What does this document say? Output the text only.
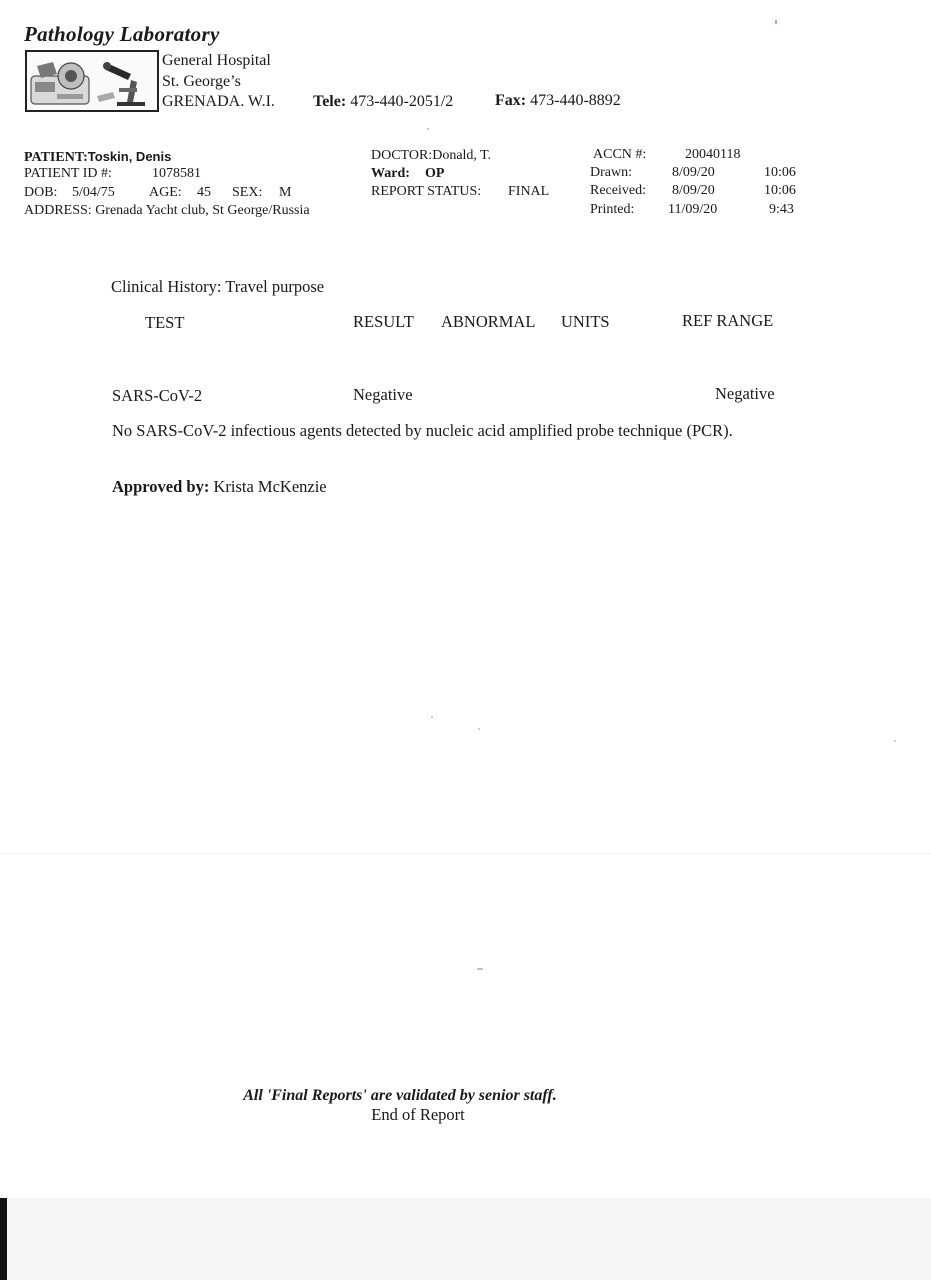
Pathology Laboratory
General Hospital
St. George’s
GRENADA. W.I. Tele: 473-440-2051/2	Fax: 473-440-8892
PATIENT:Toskin, Denis
PATIENT ID #:	1078581
DOB: 5/04/75 AGE: 45 SEX: M
ADDRESS: Grenada Yacht club, St George/Russia
DOCTOR:Donald, T.
Ward: OP
REPORT STATUS: FINAL
ACCN #:	20040118
Drawn:	8/09/20	10:06
Received: 8/09/20	10:06
Printed: 11/09/20	9:43
Clinical History: Travel purpose
TEST	RESULT ABNORMAL UNITS	REF RANGE
SARS-CoV-2	Negative	Negative
No SARS-CoV-2 infectious agents detected by nucleic acid amplified probe technique (PCR).
Approved by: Krista McKenzie
All 'Final Reports' are validated by senior staff.
End of Report
